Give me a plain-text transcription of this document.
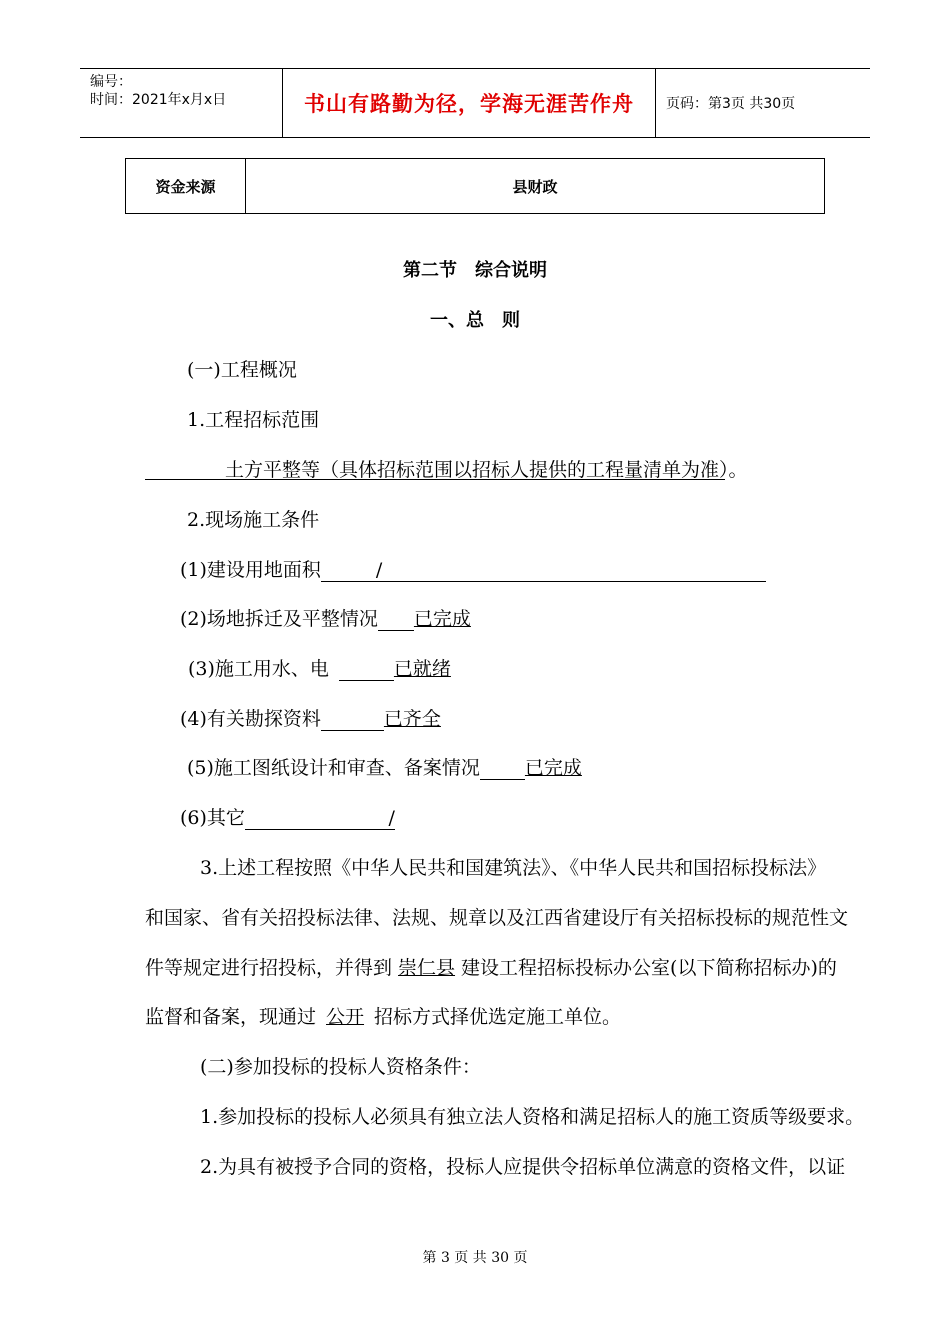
编号：
时间：2021年x月x日	书山有路勤为径，学海无涯苦作舟 页码：第3页 共30页
资金来源	县财政
第二节　综合说明
一、总　则
(一)工程概况
1.工程招标范围
土方平整等（具体招标范围以招标人提供的工程量清单为准）。
2.现场施工条件
(1)建设用地面积	/
(2)场地拆迁及平整情况 已完成
(3)施工用水、电	已就绪
(4)有关勘探资料	已齐全
(5)施工图纸设计和审查、备案情况 已完成
(6)其它	/
3.上述工程按照《中华人民共和国建筑法》、《中华人民共和国招标投标法》
和国家、省有关招投标法律、法规、规章以及江西省建设厅有关招标投标的规范性文
件等规定进行招投标，并得到 崇仁县 建设工程招标投标办公室(以下简称招标办)的
监督和备案，现通过 公开 招标方式择优选定施工单位。
(二)参加投标的投标人资格条件：
1.参加投标的投标人必须具有独立法人资格和满足招标人的施工资质等级要求。
2.为具有被授予合同的资格，投标人应提供令招标单位满意的资格文件，以证
第 3 页 共 30 页
